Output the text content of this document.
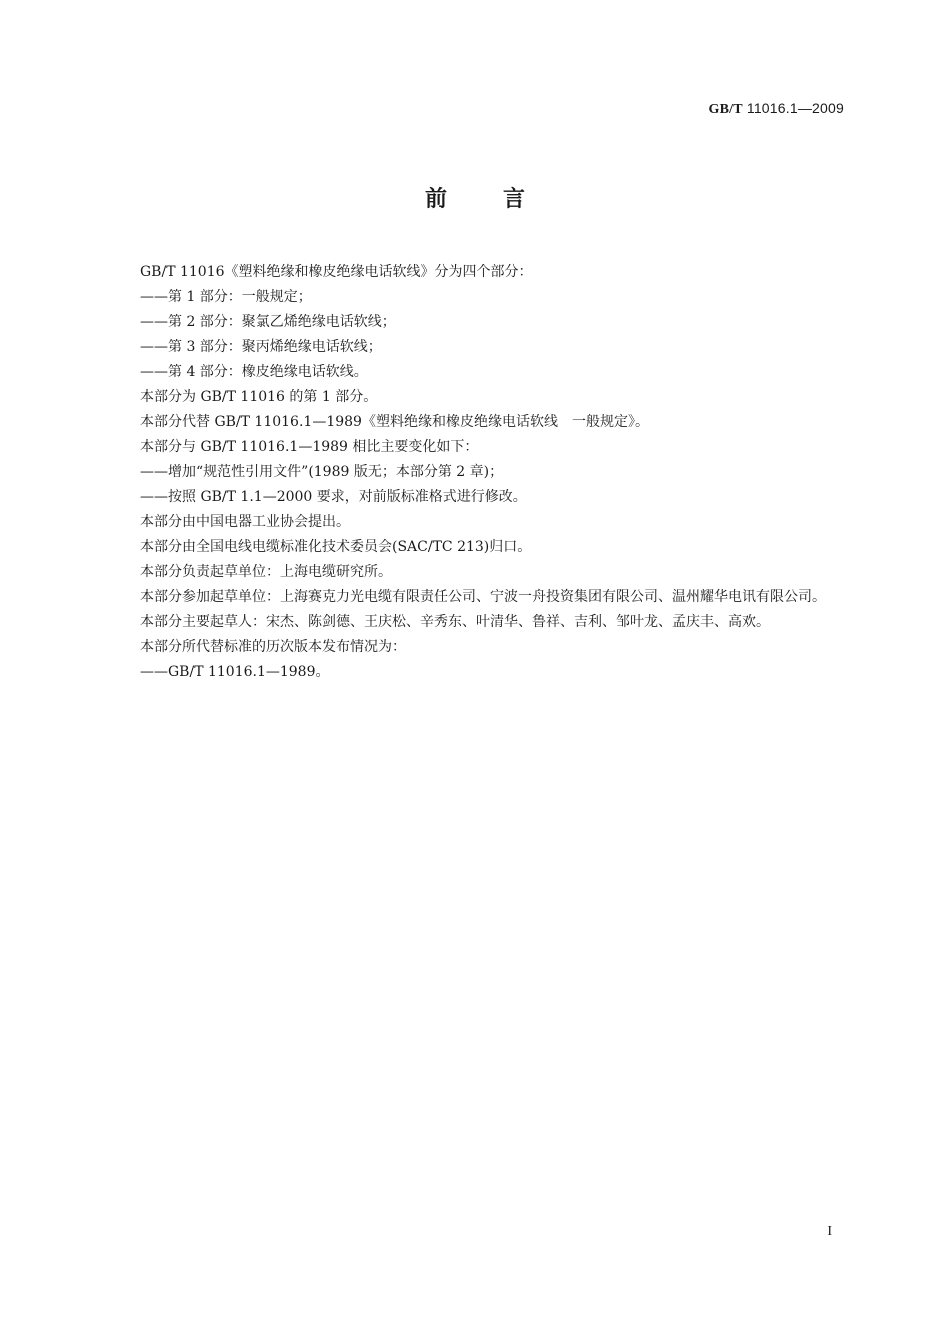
GB/T 11016.1—2009
前言

GB/T 11016《塑料绝缘和橡皮绝缘电话软线》分为四个部分：

——第 1 部分：一般规定；

——第 2 部分：聚氯乙烯绝缘电话软线；

——第 3 部分：聚丙烯绝缘电话软线；

——第 4 部分：橡皮绝缘电话软线。

本部分为 GB/T 11016 的第 1 部分。

本部分代替 GB/T 11016.1—1989《塑料绝缘和橡皮绝缘电话软线　一般规定》。

本部分与 GB/T 11016.1—1989 相比主要变化如下：

——增加“规范性引用文件”(1989 版无；本部分第 2 章)；

——按照 GB/T 1.1—2000 要求，对前版标准格式进行修改。

本部分由中国电器工业协会提出。

本部分由全国电线电缆标准化技术委员会(SAC/TC 213)归口。

本部分负责起草单位：上海电缆研究所。

本部分参加起草单位：上海赛克力光电缆有限责任公司、宁波一舟投资集团有限公司、温州耀华电讯有限公司。

本部分主要起草人：宋杰、陈剑德、王庆松、辛秀东、叶清华、鲁祥、吉利、邹叶龙、孟庆丰、高欢。

本部分所代替标准的历次版本发布情况为：

——GB/T 11016.1—1989。

I
